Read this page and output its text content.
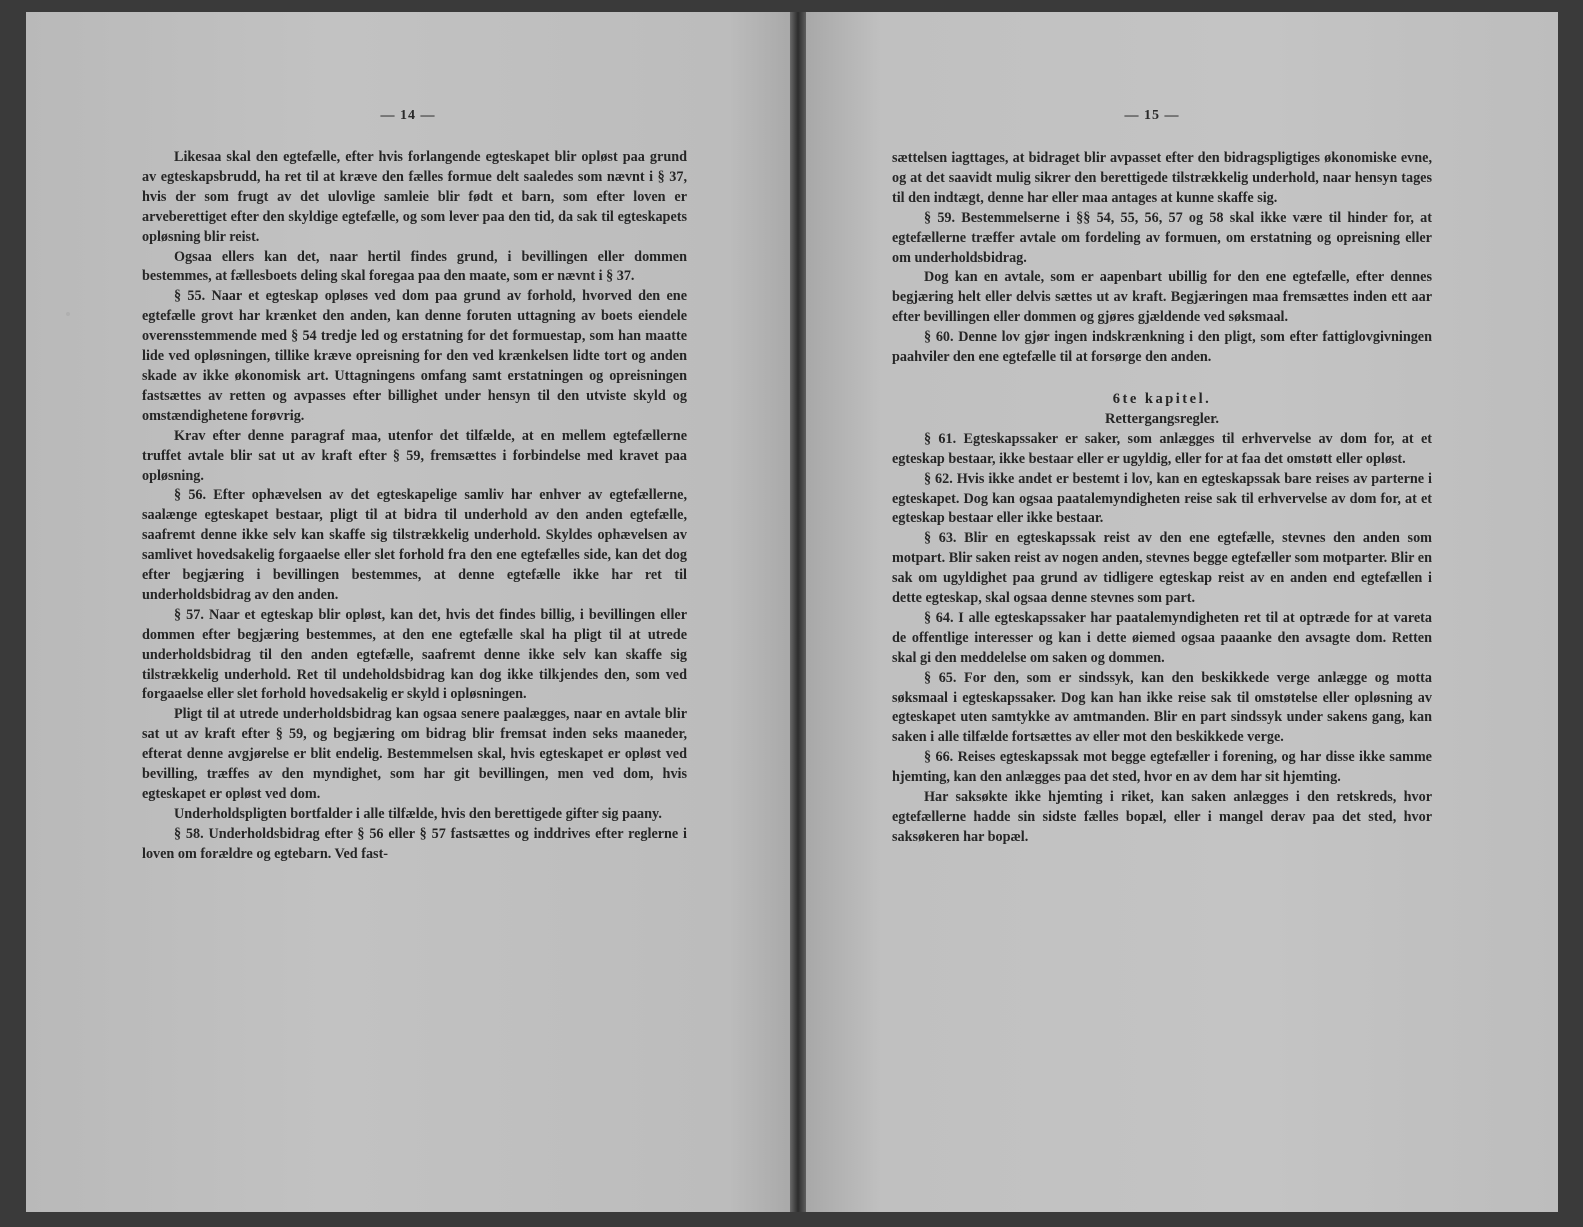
— 14 —

Likesaa skal den egtefælle, efter hvis forlangende egteskapet blir opløst paa grund av egteskapsbrudd, ha ret til at kræve den fælles formue delt saaledes som nævnt i § 37, hvis der som frugt av det ulovlige samleie blir født et barn, som efter loven er arveberettiget efter den skyldige egtefælle, og som lever paa den tid, da sak til egteskapets opløsning blir reist.

Ogsaa ellers kan det, naar hertil findes grund, i bevillingen eller dommen bestemmes, at fællesboets deling skal foregaa paa den maate, som er nævnt i § 37.

§ 55. Naar et egteskap opløses ved dom paa grund av forhold, hvorved den ene egtefælle grovt har krænket den anden, kan denne foruten uttagning av boets eiendele overensstemmende med § 54 tredje led og erstatning for det formuestap, som han maatte lide ved opløsningen, tillike kræve opreisning for den ved krænkelsen lidte tort og anden skade av ikke økonomisk art. Uttagningens omfang samt erstatningen og opreisningen fastsættes av retten og avpasses efter billighet under hensyn til den utviste skyld og omstændighetene forøvrig.

Krav efter denne paragraf maa, utenfor det tilfælde, at en mellem egtefællerne truffet avtale blir sat ut av kraft efter § 59, fremsættes i forbindelse med kravet paa opløsning.

§ 56. Efter ophævelsen av det egteskapelige samliv har enhver av egtefællerne, saalænge egteskapet bestaar, pligt til at bidra til underhold av den anden egtefælle, saafremt denne ikke selv kan skaffe sig tilstrækkelig underhold. Skyldes ophævelsen av samlivet hovedsakelig forgaaelse eller slet forhold fra den ene egtefælles side, kan det dog efter begjæring i bevillingen bestemmes, at denne egtefælle ikke har ret til underholdsbidrag av den anden.

§ 57. Naar et egteskap blir opløst, kan det, hvis det findes billig, i bevillingen eller dommen efter begjæring bestemmes, at den ene egtefælle skal ha pligt til at utrede underholdsbidrag til den anden egtefælle, saafremt denne ikke selv kan skaffe sig tilstrækkelig underhold. Ret til undeholdsbidrag kan dog ikke tilkjendes den, som ved forgaaelse eller slet forhold hovedsakelig er skyld i opløsningen.

Pligt til at utrede underholdsbidrag kan ogsaa senere paalægges, naar en avtale blir sat ut av kraft efter § 59, og begjæring om bidrag blir fremsat inden seks maaneder, efterat denne avgjørelse er blit endelig. Bestemmelsen skal, hvis egteskapet er opløst ved bevilling, træffes av den myndighet, som har git bevillingen, men ved dom, hvis egteskapet er opløst ved dom.

Underholdspligten bortfalder i alle tilfælde, hvis den berettigede gifter sig paany.

§ 58. Underholdsbidrag efter § 56 eller § 57 fastsættes og inddrives efter reglerne i loven om forældre og egtebarn. Ved fast-

— 15 —

sættelsen iagttages, at bidraget blir avpasset efter den bidragspligtiges økonomiske evne, og at det saavidt mulig sikrer den berettigede tilstrækkelig underhold, naar hensyn tages til den indtægt, denne har eller maa antages at kunne skaffe sig.

§ 59. Bestemmelserne i §§ 54, 55, 56, 57 og 58 skal ikke være til hinder for, at egtefællerne træffer avtale om fordeling av formuen, om erstatning og opreisning eller om underholdsbidrag.

Dog kan en avtale, som er aapenbart ubillig for den ene egtefælle, efter dennes begjæring helt eller delvis sættes ut av kraft. Begjæringen maa fremsættes inden ett aar efter bevillingen eller dommen og gjøres gjældende ved søksmaal.

§ 60. Denne lov gjør ingen indskrænkning i den pligt, som efter fattiglovgivningen paahviler den ene egtefælle til at forsørge den anden.

6te kapitel.
Rettergangsregler.

§ 61. Egteskapssaker er saker, som anlægges til erhvervelse av dom for, at et egteskap bestaar, ikke bestaar eller er ugyldig, eller for at faa det omstøtt eller opløst.

§ 62. Hvis ikke andet er bestemt i lov, kan en egteskapssak bare reises av parterne i egteskapet. Dog kan ogsaa paatalemyndigheten reise sak til erhvervelse av dom for, at et egteskap bestaar eller ikke bestaar.

§ 63. Blir en egteskapssak reist av den ene egtefælle, stevnes den anden som motpart. Blir saken reist av nogen anden, stevnes begge egtefæller som motparter. Blir en sak om ugyldighet paa grund av tidligere egteskap reist av en anden end egtefællen i dette egteskap, skal ogsaa denne stevnes som part.

§ 64. I alle egteskapssaker har paatalemyndigheten ret til at optræde for at vareta de offentlige interesser og kan i dette øiemed ogsaa paaanke den avsagte dom. Retten skal gi den meddelelse om saken og dommen.

§ 65. For den, som er sindssyk, kan den beskikkede verge anlægge og motta søksmaal i egteskapssaker. Dog kan han ikke reise sak til omstøtelse eller opløsning av egteskapet uten samtykke av amtmanden. Blir en part sindssyk under sakens gang, kan saken i alle tilfælde fortsættes av eller mot den beskikkede verge.

§ 66. Reises egteskapssak mot begge egtefæller i forening, og har disse ikke samme hjemting, kan den anlægges paa det sted, hvor en av dem har sit hjemting.

Har saksøkte ikke hjemting i riket, kan saken anlægges i den retskreds, hvor egtefællerne hadde sin sidste fælles bopæl, eller i mangel derav paa det sted, hvor saksøkeren har bopæl.
